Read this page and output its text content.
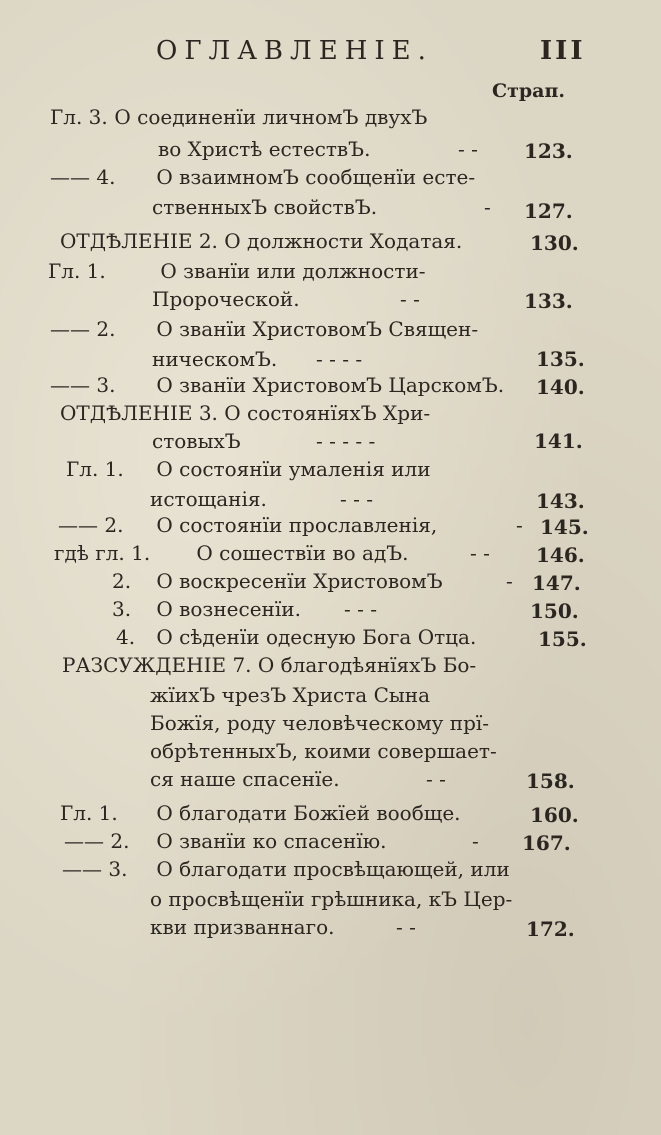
ОГЛАВЛЕНІЕ.	III
Страп.
Гл. 3. О соединенїи личномЪ двухЪ
во Христѣ естествЪ.	- - 123.
—— 4. О взаимномЪ сообщенїи есте-
ственныхЪ свойствЪ.	- 127.
ОТДѢЛЕНІЕ 2. О должности Ходатая.	130.
Гл. 1.	О званїи или должности-
Пророческой.	- -	133.
—— 2. О званїи ХристовомЪ Священ-
ническомЪ. - - - -	135.
—— 3. О званїи ХристовомЪ ЦарскомЪ. 140.
ОТДѢЛЕНІЕ 3. О состоянїяхЪ Хри-
стовыхЪ	- - - - -	141.
Гл. 1. О состоянїи умаленія или
истощанія.	- - -	143.
—— 2. О состоянїи прославленія,	- 145.
гдѣ гл. 1. О сошествїи во адЪ.	- - 146.
2. О воскресенїи ХристовомЪ	- 147.
3. О вознесенїи. - - -	150.
4. О сѣденїи одесную Бога Отца.	155.
РАЗСУЖДЕНІЕ 7. О благодѣянїяхЪ Бо-
жїихЪ чрезЪ Христа Сына
Божїя, роду человѣческому прї-
обрѣтенныхЪ, коими совершает-
ся наше спасенїе.	- -	158.
Гл. 1. О благодати Божїей вообще.	160.
—— 2. О званїи ко спасенїю.	- 167.
—— 3. О благодати просвѣщающей, или
о просвѣщенїи грѣшника, кЪ Цер-
кви призваннаго.	- -	172.
